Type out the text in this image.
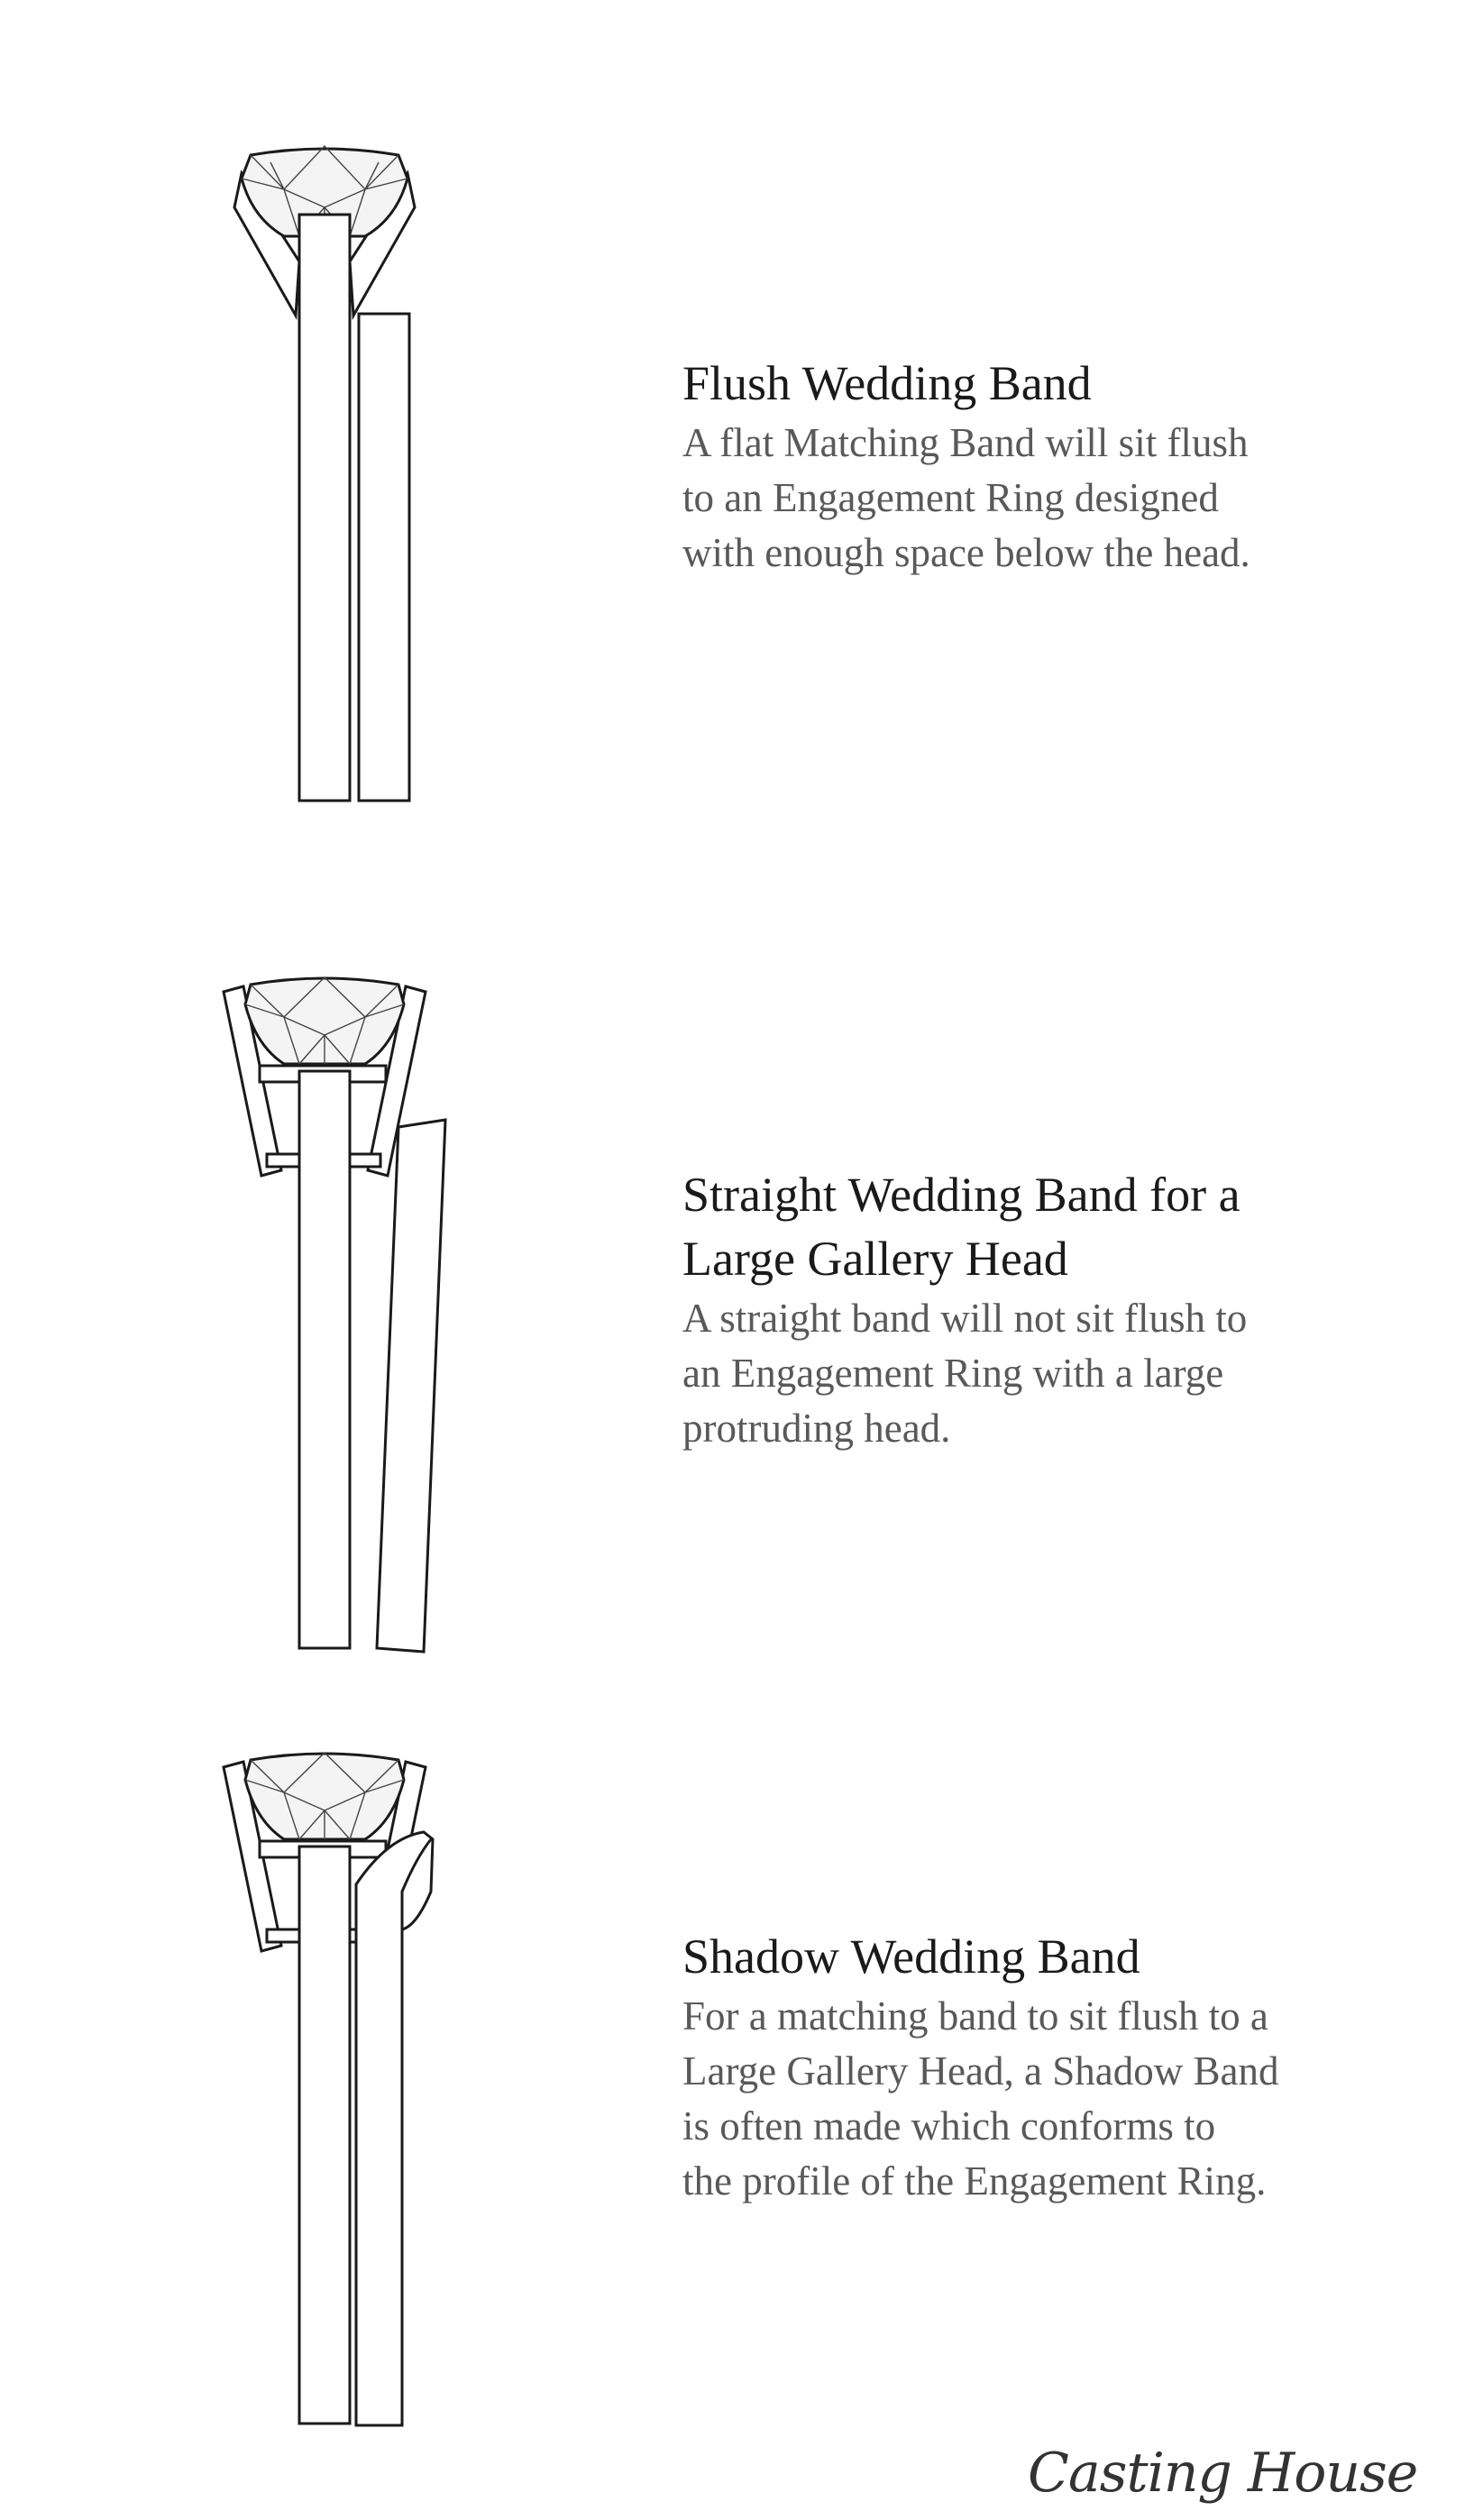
Flush Wedding Band

A flat Matching Band will sit flush

to an Engagement Ring designed

with enough space below the head.

Straight Wedding Band for a
Large Gallery Head

A straight band will not sit flush to

an Engagement Ring with a large

protruding head.

Shadow Wedding Band

For a matching band to sit flush to a

Large Gallery Head, a Shadow Band

is often made which conforms to

the profile of the Engagement Ring.

Casting House
